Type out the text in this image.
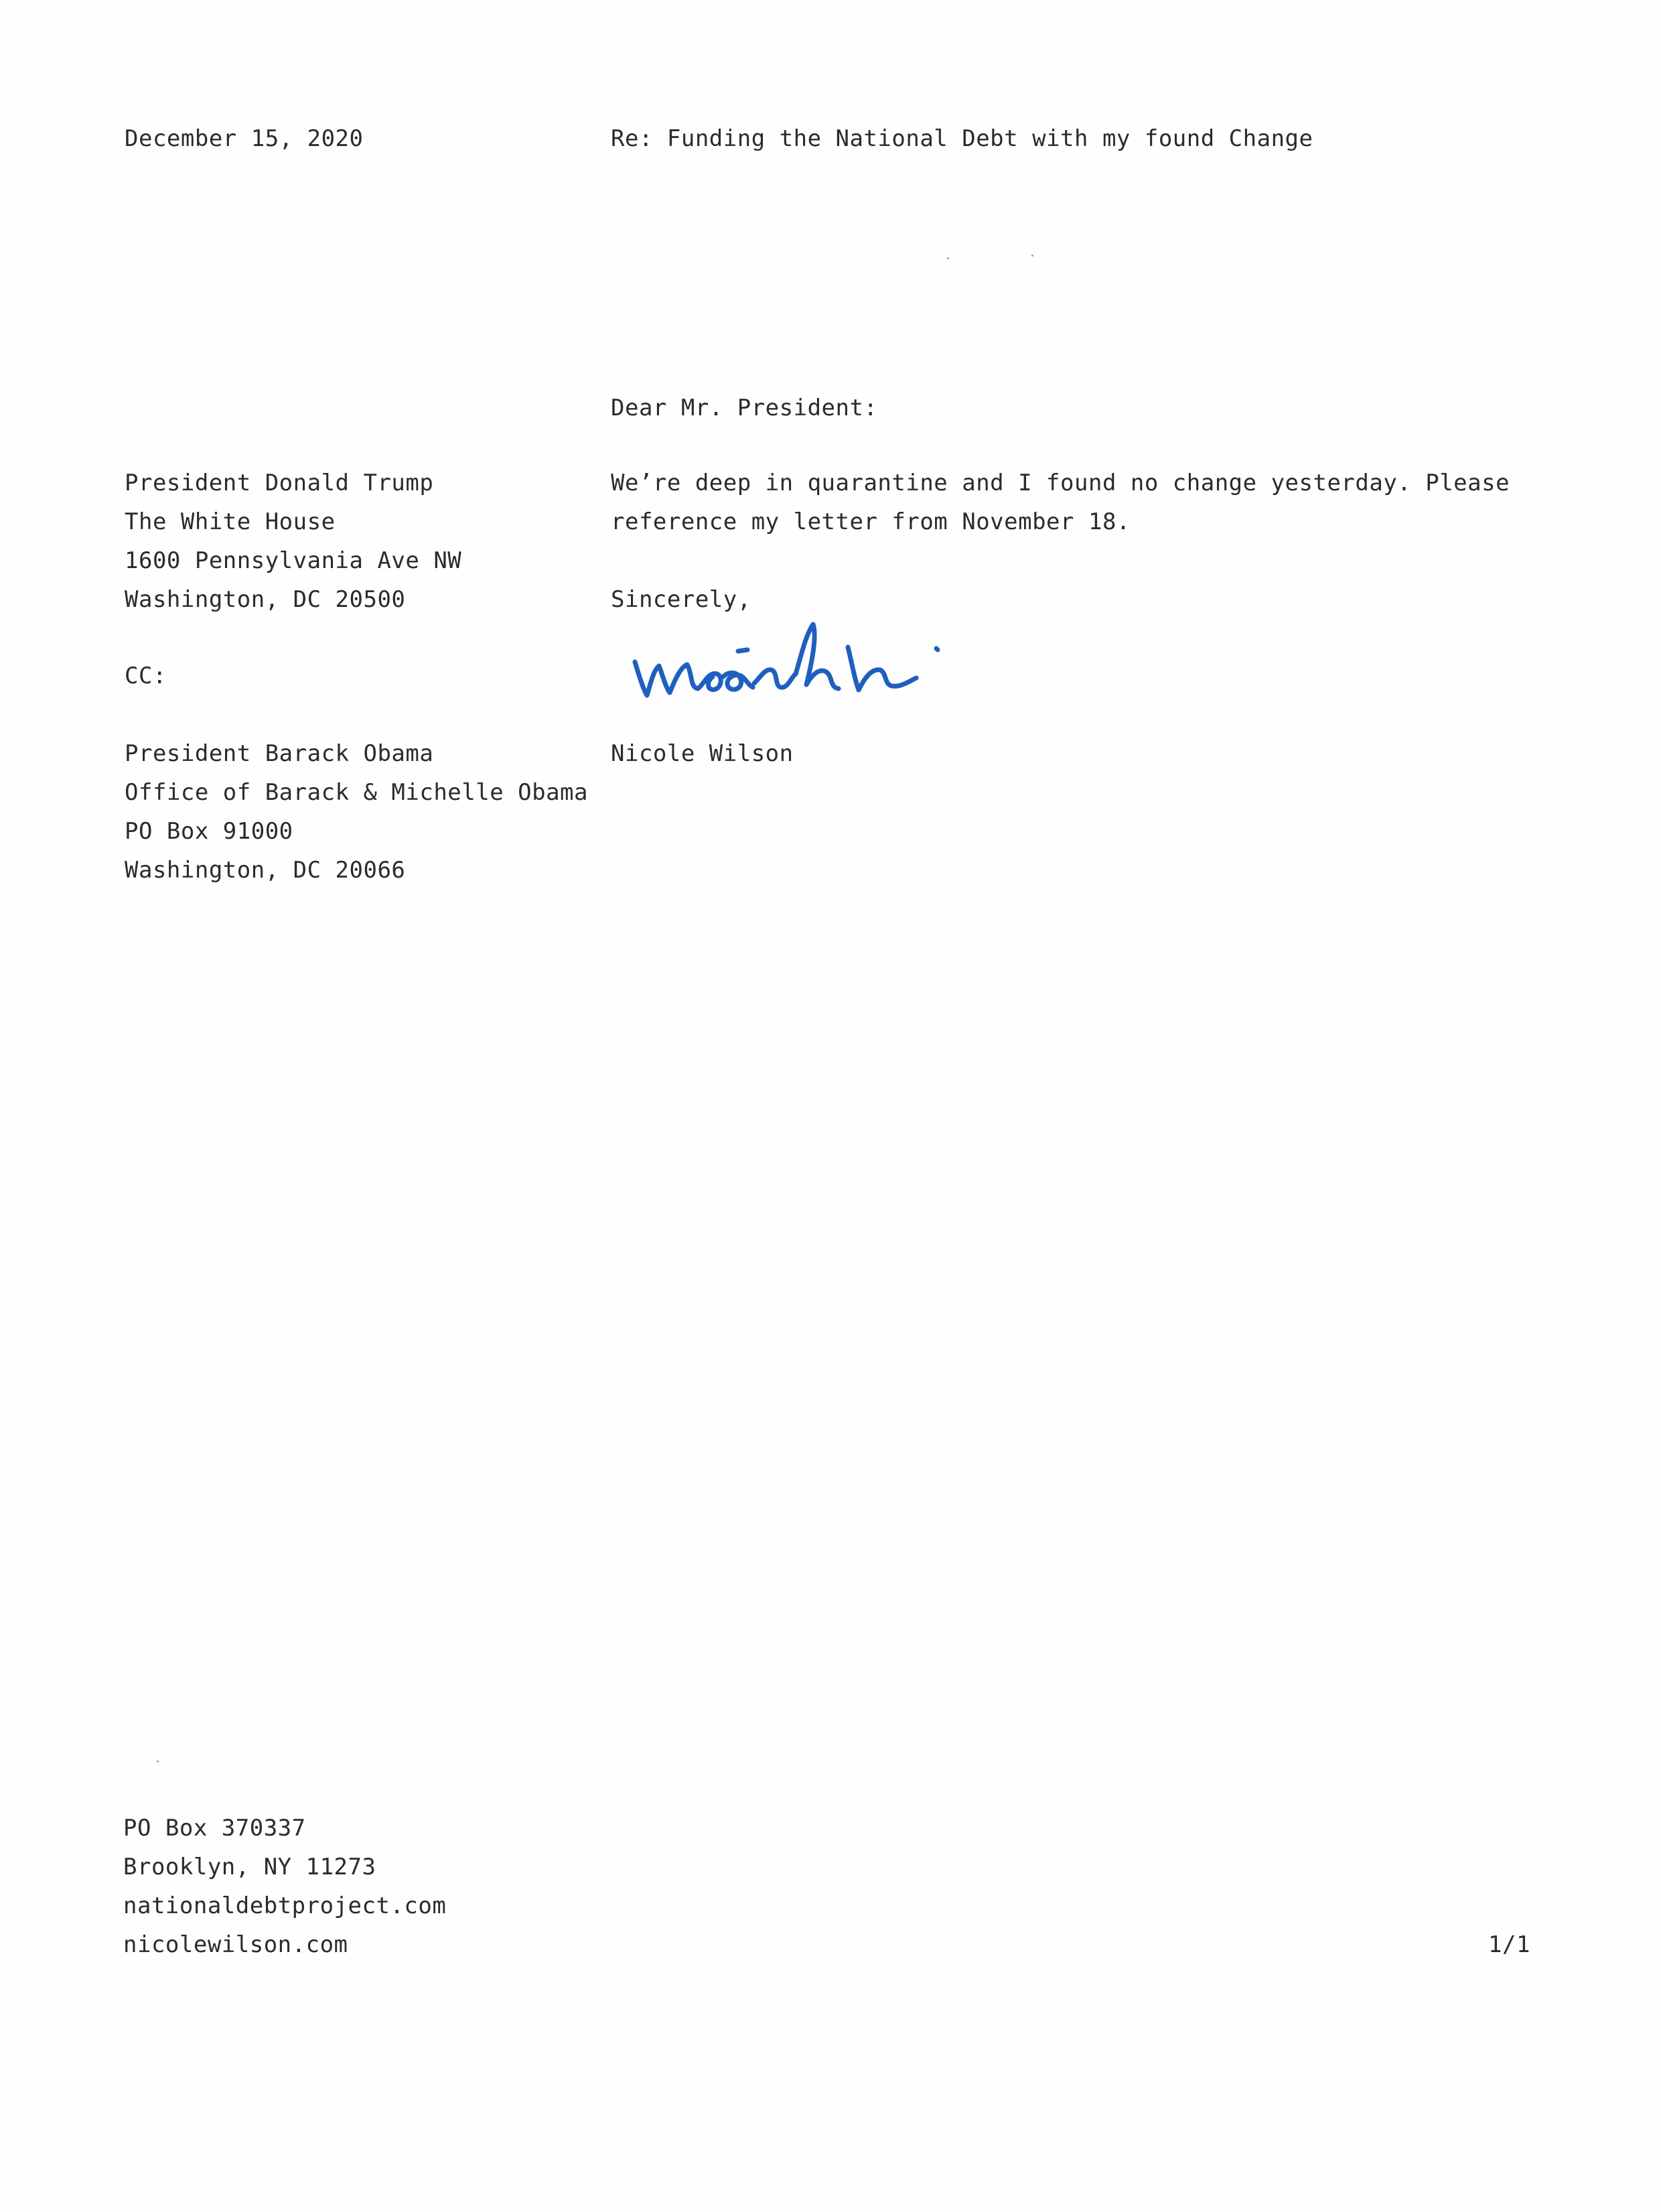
December 15, 2020	Re: Funding the National Debt with my found Change
Dear Mr. President:
President Donald Trump
The White House
1600 Pennsylvania Ave NW
Washington, DC 20500
We’re deep in quarantine and I found no change yesterday. Please
reference my letter from November 18.
Sincerely,
CC:
Nicole Wilson
President Barack Obama
Office of Barack & Michelle Obama
PO Box 91000
Washington, DC 20066
PO Box 370337
Brooklyn, NY 11273
nationaldebtproject.com
nicolewilson.com	1/1
